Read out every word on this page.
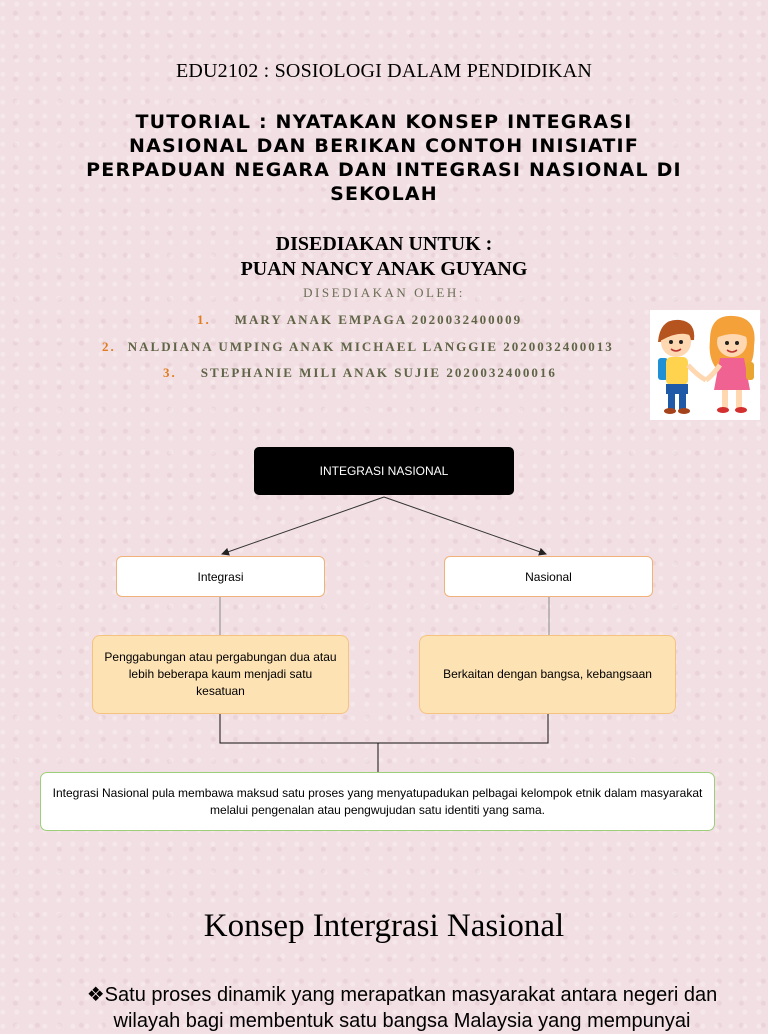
EDU2102 : SOSIOLOGI DALAM PENDIDIKAN
TUTORIAL : NYATAKAN KONSEP INTEGRASI NASIONAL DAN BERIKAN CONTOH INISIATIF PERPADUAN NEGARA DAN INTEGRASI NASIONAL DI SEKOLAH
DISEDIAKAN UNTUK :
PUAN NANCY ANAK GUYANG
DISEDIAKAN OLEH:
1. MARY ANAK EMPAGA 2020032400009
2. NALDIANA UMPING ANAK MICHAEL LANGGIE 2020032400013
3. STEPHANIE MILI ANAK SUJIE 2020032400016
INTEGRASI NASIONAL
Integrasi	Nasional
Penggabungan atau pergabungan dua atau lebih beberapa kaum menjadi satu kesatuan
Berkaitan dengan bangsa, kebangsaan
Integrasi Nasional pula membawa maksud satu proses yang menyatupadukan pelbagai kelompok etnik dalam masyarakat melalui pengenalan atau pengwujudan satu identiti yang sama.
Konsep Intergrasi Nasional
❖Satu proses dinamik yang merapatkan masyarakat antara negeri dan wilayah bagi membentuk satu bangsa Malaysia yang mempunyai
